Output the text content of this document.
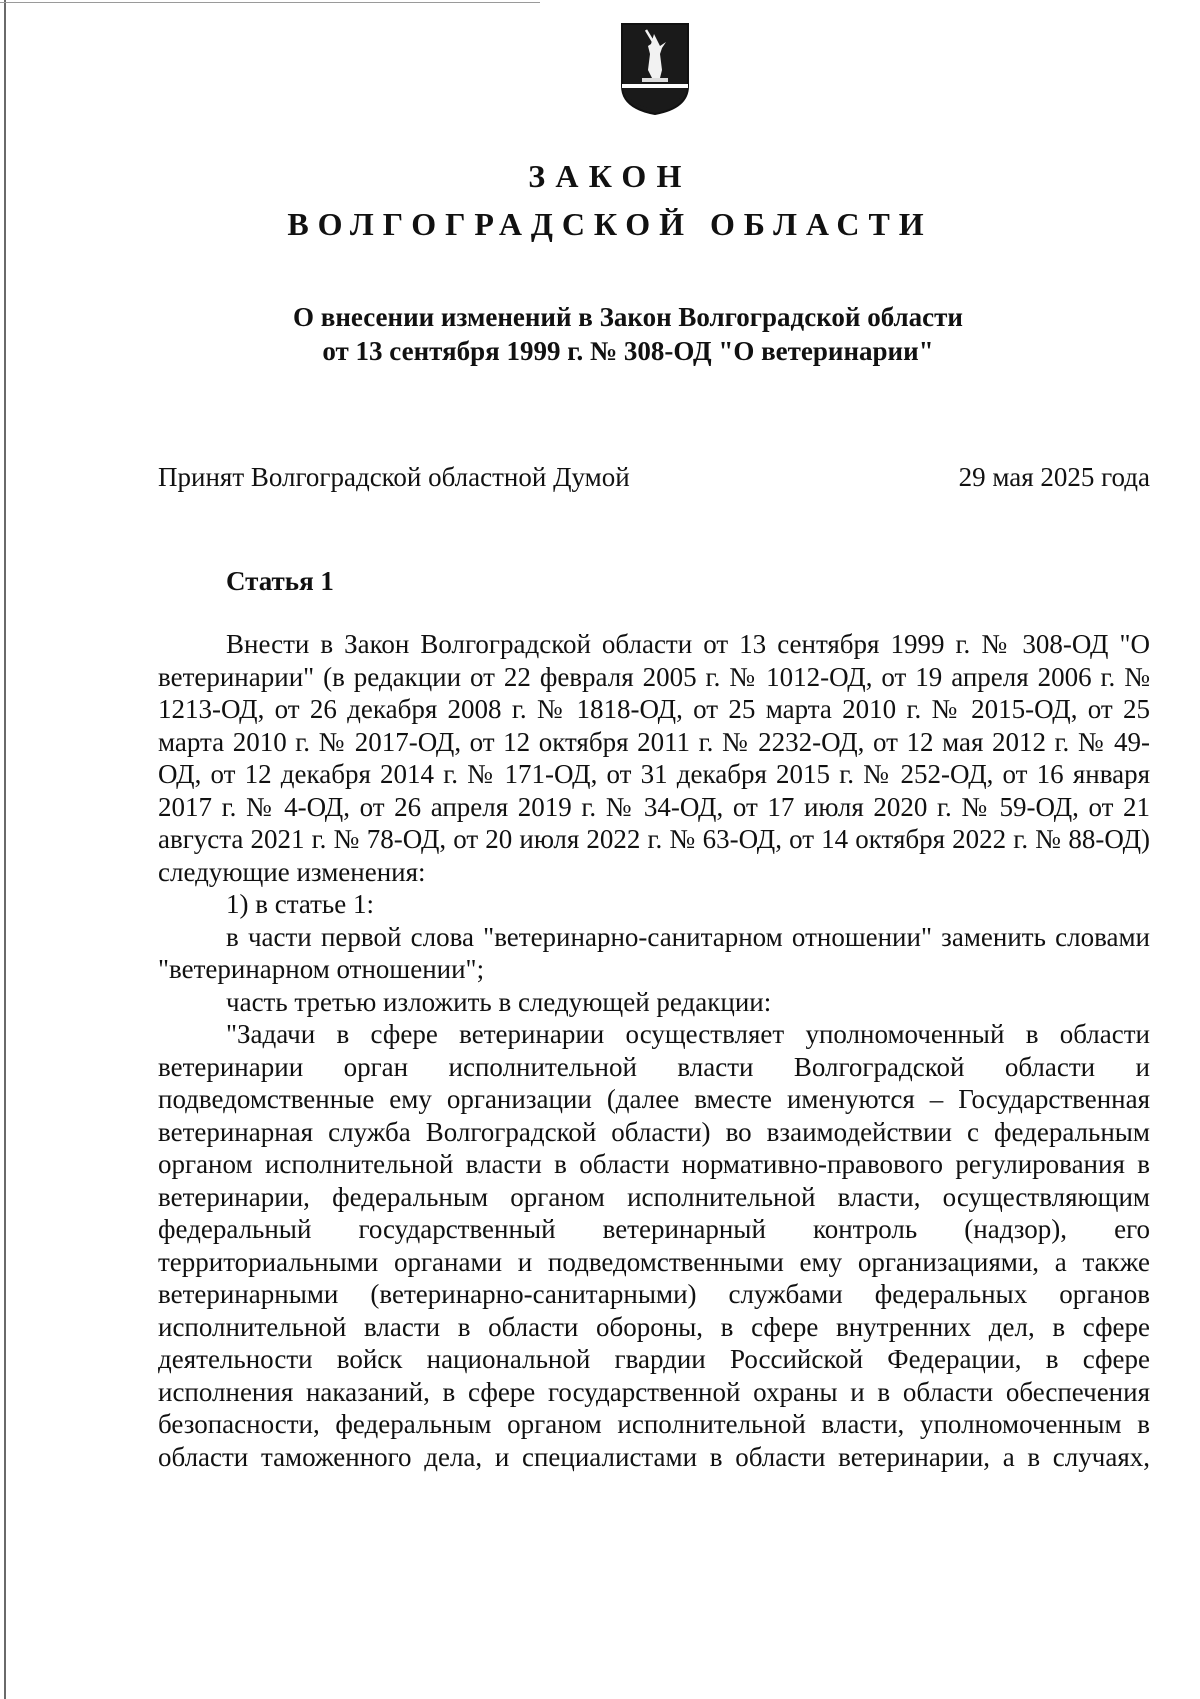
ЗАКОН
ВОЛГОГРАДСКОЙ ОБЛАСТИ
О внесении изменений в Закон Волгоградской области
от 13 сентября 1999 г. № 308-ОД "О ветеринарии"
Принят Волгоградской областной Думой	29 мая 2025 года
Статья 1

Внести в Закон Волгоградской области от 13 сентября 1999 г. № 308-ОД "О ветеринарии" (в редакции от 22 февраля 2005 г. № 1012-ОД, от 19 апреля 2006 г. № 1213-ОД, от 26 декабря 2008 г. № 1818-ОД, от 25 марта 2010 г. № 2015-ОД, от 25 марта 2010 г. № 2017-ОД, от 12 октября 2011 г. № 2232-ОД, от 12 мая 2012 г. № 49-ОД, от 12 декабря 2014 г. № 171-ОД, от 31 декабря 2015 г. № 252-ОД, от 16 января 2017 г. № 4-ОД, от 26 апреля 2019 г. № 34-ОД, от 17 июля 2020 г. № 59-ОД, от 21 августа 2021 г. № 78-ОД, от 20 июля 2022 г. № 63-ОД, от 14 октября 2022 г. № 88-ОД) следующие изменения:

1) в статье 1:

в части первой слова "ветеринарно-санитарном отношении" заменить словами "ветеринарном отношении";

часть третью изложить в следующей редакции:

"Задачи в сфере ветеринарии осуществляет уполномоченный в области ветеринарии орган исполнительной власти Волгоградской области и подведомственные ему организации (далее вместе именуются – Государственная ветеринарная служба Волгоградской области) во взаимодействии с федеральным органом исполнительной власти в области нормативно-правового регулирования в ветеринарии, федеральным органом исполнительной власти, осуществляющим федеральный государственный ветеринарный контроль (надзор), его территориальными органами и подведомственными ему организациями, а также ветеринарными (ветеринарно-санитарными) службами федеральных органов исполнительной власти в области обороны, в сфере внутренних дел, в сфере деятельности войск национальной гвардии Российской Федерации, в сфере исполнения наказаний, в сфере государственной охраны и в области обеспечения безопасности, федеральным органом исполнительной власти, уполномоченным в области таможенного дела, и специалистами в области ветеринарии, а в случаях,
